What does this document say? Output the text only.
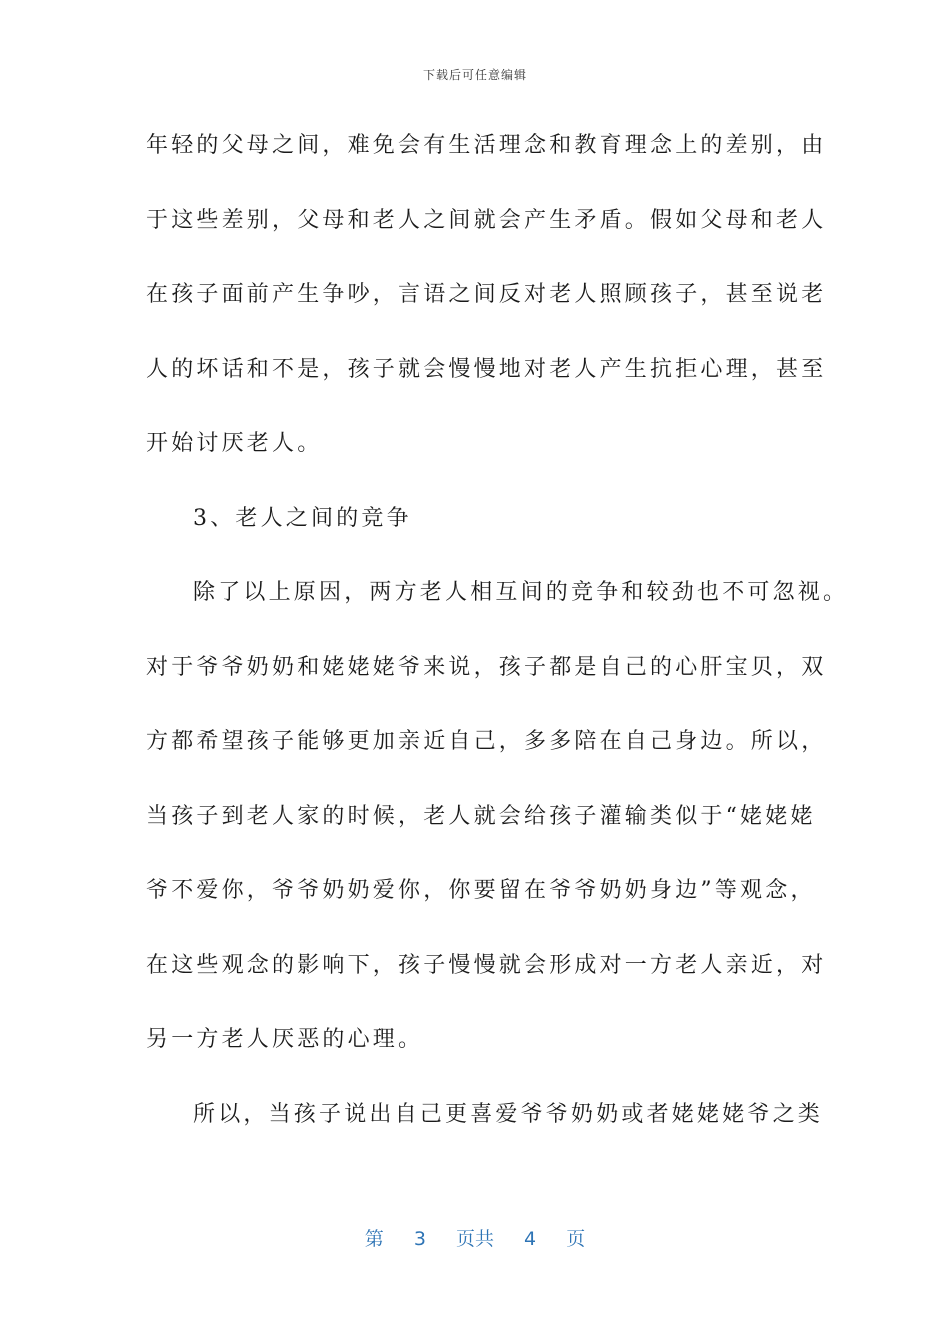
下载后可任意编辑
年轻的父母之间，难免会有生活理念和教育理念上的差别，由
于这些差别，父母和老人之间就会产生矛盾。假如父母和老人
在孩子面前产生争吵，言语之间反对老人照顾孩子，甚至说老
人的坏话和不是，孩子就会慢慢地对老人产生抗拒心理，甚至
开始讨厌老人。
3、老人之间的竞争
除了以上原因，两方老人相互间的竞争和较劲也不可忽视。
对于爷爷奶奶和姥姥姥爷来说，孩子都是自己的心肝宝贝，双
方都希望孩子能够更加亲近自己，多多陪在自己身边。所以，
当孩子到老人家的时候，老人就会给孩子灌输类似于“姥姥姥
爷不爱你，爷爷奶奶爱你，你要留在爷爷奶奶身边”等观念，
在这些观念的影响下，孩子慢慢就会形成对一方老人亲近，对
另一方老人厌恶的心理。
所以，当孩子说出自己更喜爱爷爷奶奶或者姥姥姥爷之类
第 3 页共 4 页
